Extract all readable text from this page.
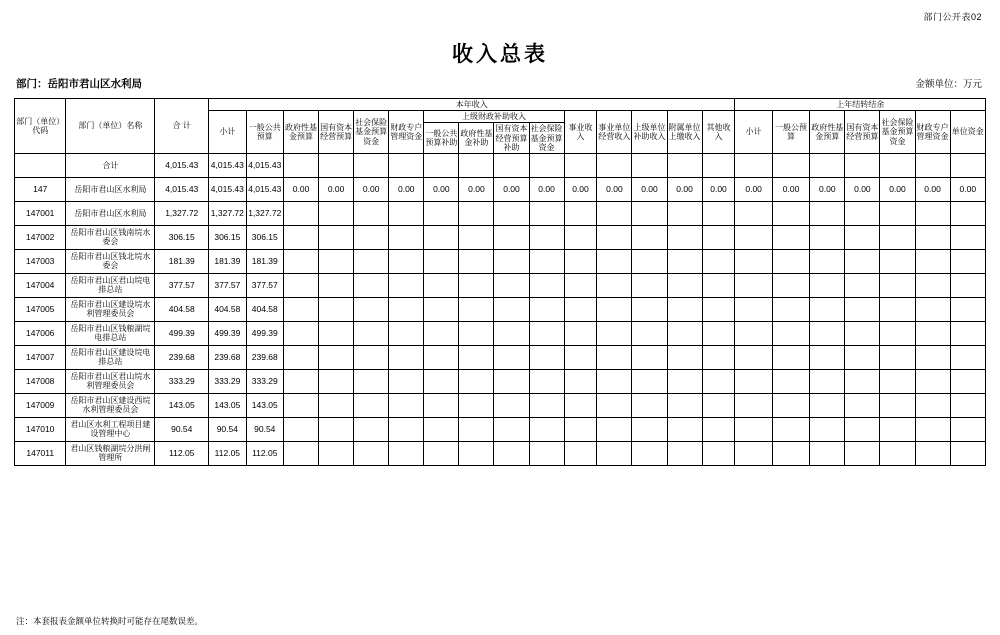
部门公开表02
收入总表
部门：岳阳市君山区水利局	金额单位：万元
部门（单位）代码	部门（单位）名称	合 计	本年收入															上年结转结余						
			小计	一般公共预算	政府性基金预算	国有资本经营预算	社会保险基金预算资金	财政专户管理资金	上级财政补助收入				事业收入	事业单位经营收入	上级单位补助收入	附属单位上缴收入	其他收入	小计	一般公预算	政府性基金预算	国有资本经营预算	社会保险基金预算资金	财政专户管理资金	单位资金
									一般公共预算补助	政府性基金补助	国有资本经营预算补助	社会保险基金预算资金												
	合计	4,015.43	4,015.43	4,015.43																				
147	岳阳市君山区水利局	4,015.43	4,015.43	4,015.43	0.00	0.00	0.00	0.00	0.00	0.00	0.00	0.00	0.00	0.00	0.00	0.00	0.00	0.00	0.00	0.00	0.00	0.00	0.00	0.00
147001	岳阳市君山区水利局	1,327.72	1,327.72	1,327.72																				
147002	岳阳市君山区钱南垸水委会	306.15	306.15	306.15																				
147003	岳阳市君山区钱北垸水委会	181.39	181.39	181.39																				
147004	岳阳市君山区君山垸电排总站	377.57	377.57	377.57																				
147005	岳阳市君山区建设垸水利管理委员会	404.58	404.58	404.58																				
147006	岳阳市君山区钱粮湖垸电排总站	499.39	499.39	499.39																				
147007	岳阳市君山区建设垸电排总站	239.68	239.68	239.68																				
147008	岳阳市君山区君山垸水利管理委员会	333.29	333.29	333.29																				
147009	岳阳市君山区建设西垸水利管理委员会	143.05	143.05	143.05																				
147010	君山区水利工程项目建设管理中心	90.54	90.54	90.54																				
147011	君山区钱粮湖垸分洪闸管理所	112.05	112.05	112.05																				
注：本套报表金额单位转换时可能存在尾数误差。
